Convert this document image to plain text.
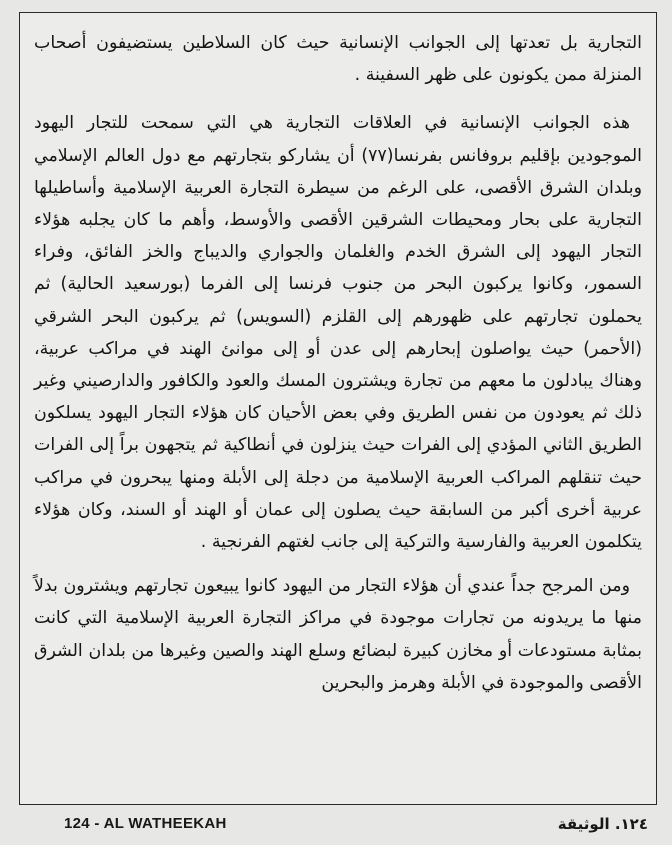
التجارية بل تعدتها إلى الجوانب الإنسانية حيث كان السلاطين يستضيفون أصحاب المنزلة ممن يكونون على ظهر السفينة .

هذه الجوانب الإنسانية في العلاقات التجارية هي التي سمحت للتجار اليهود الموجودين بإقليم بروفانس بفرنسا(٧٧) أن يشاركو بتجارتهم مع دول العالم الإسلامي وبلدان الشرق الأقصى، على الرغم من سيطرة التجارة العربية الإسلامية وأساطيلها التجارية على بحار ومحيطات الشرقين الأقصى والأوسط، وأهم ما كان يجلبه هؤلاء التجار اليهود إلى الشرق الخدم والغلمان والجواري والديباج والخز الفائق، وفراء السمور، وكانوا يركبون البحر من جنوب فرنسا إلى الفرما (بورسعيد الحالية) ثم يحملون تجارتهم على ظهورهم إلى القلزم (السويس) ثم يركبون البحر الشرقي (الأحمر) حيث يواصلون إبحارهم إلى عدن أو إلى موانئ الهند في مراكب عربية، وهناك يبادلون ما معهم من تجارة ويشترون المسك والعود والكافور والدارصيني وغير ذلك ثم يعودون من نفس الطريق وفي بعض الأحيان كان هؤلاء التجار اليهود يسلكون الطريق الثاني المؤدي إلى الفرات حيث ينزلون في أنطاكية ثم يتجهون براً إلى الفرات حيث تنقلهم المراكب العربية الإسلامية من دجلة إلى الأبلة ومنها يبحرون في مراكب عربية أخرى أكبر من السابقة حيث يصلون إلى عمان أو الهند أو السند، وكان هؤلاء يتكلمون العربية والفارسية والتركية إلى جانب لغتهم الفرنجية .

ومن المرجح جداً عندي أن هؤلاء التجار من اليهود كانوا يبيعون تجارتهم ويشترون بدلاً منها ما يريدونه من تجارات موجودة في مراكز التجارة العربية الإسلامية التي كانت بمثابة مستودعات أو مخازن كبيرة لبضائع وسلع الهند والصين وغيرها من بلدان الشرق الأقصى والموجودة في الأبلة وهرمز والبحرين

124 - AL WATHEEKAH	١٢٤. الوثيقة
